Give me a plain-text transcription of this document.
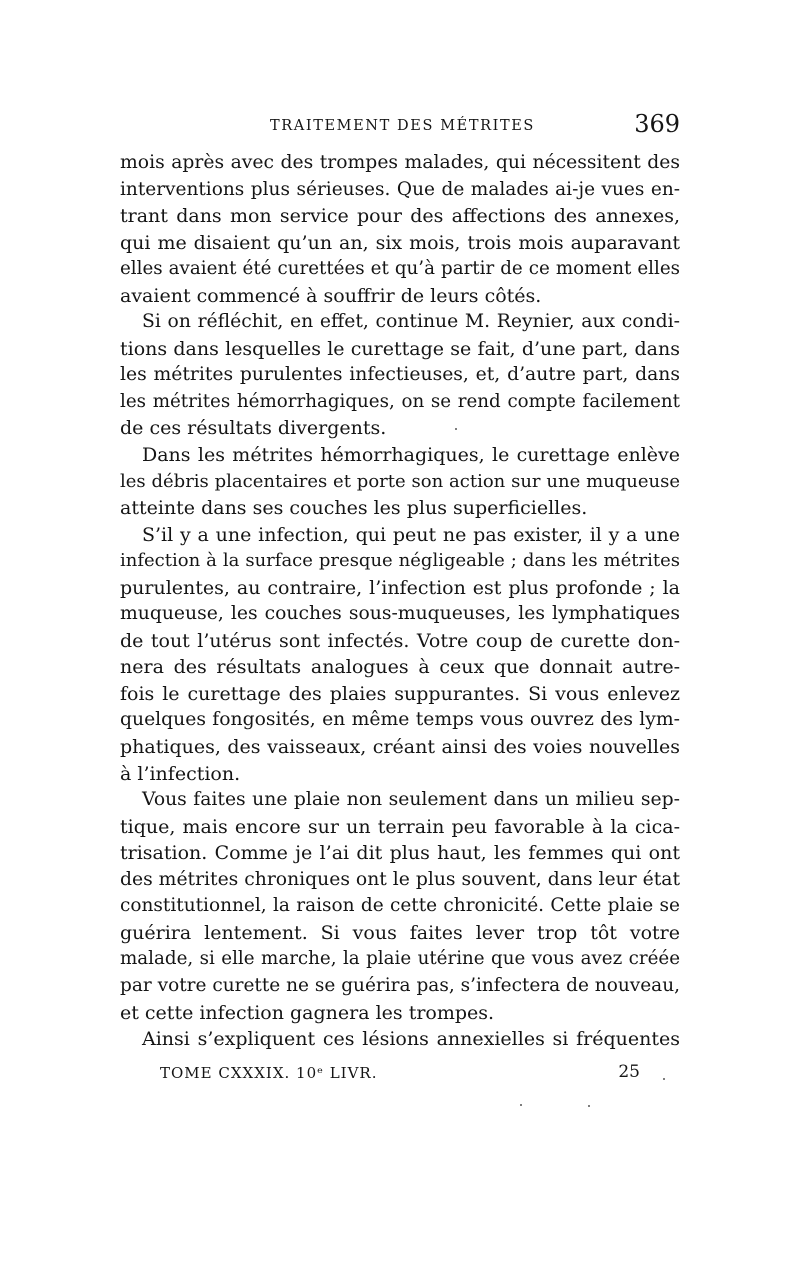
TRAITEMENT DES MÉTRITES	369
mois après avec des trompes malades, qui nécessitent des
interventions plus sérieuses. Que de malades ai-je vues en-
trant dans mon service pour des affections des annexes,
qui me disaient qu’un an, six mois, trois mois auparavant
elles avaient été curettées et qu’à partir de ce moment elles
avaient commencé à souffrir de leurs côtés.
Si on réfléchit, en effet, continue M. Reynier, aux condi-
tions dans lesquelles le curettage se fait, d’une part, dans
les métrites purulentes infectieuses, et, d’autre part, dans
les métrites hémorrhagiques, on se rend compte facilement
de ces résultats divergents.
Dans les métrites hémorrhagiques, le curettage enlève
les débris placentaires et porte son action sur une muqueuse
atteinte dans ses couches les plus superficielles.
S’il y a une infection, qui peut ne pas exister, il y a une
infection à la surface presque négligeable ; dans les métrites
purulentes, au contraire, l’infection est plus profonde ; la
muqueuse, les couches sous-muqueuses, les lymphatiques
de tout l’utérus sont infectés. Votre coup de curette don-
nera des résultats analogues à ceux que donnait autre-
fois le curettage des plaies suppurantes. Si vous enlevez
quelques fongosités, en même temps vous ouvrez des lym-
phatiques, des vaisseaux, créant ainsi des voies nouvelles
à l’infection.
Vous faites une plaie non seulement dans un milieu sep-
tique, mais encore sur un terrain peu favorable à la cica-
trisation. Comme je l’ai dit plus haut, les femmes qui ont
des métrites chroniques ont le plus souvent, dans leur état
constitutionnel, la raison de cette chronicité. Cette plaie se
guérira lentement. Si vous faites lever trop tôt votre
malade, si elle marche, la plaie utérine que vous avez créée
par votre curette ne se guérira pas, s’infectera de nouveau,
et cette infection gagnera les trompes.
Ainsi s’expliquent ces lésions annexielles si fréquentes
TOME CXXXIX. 10ᵉ LIVR.	25
